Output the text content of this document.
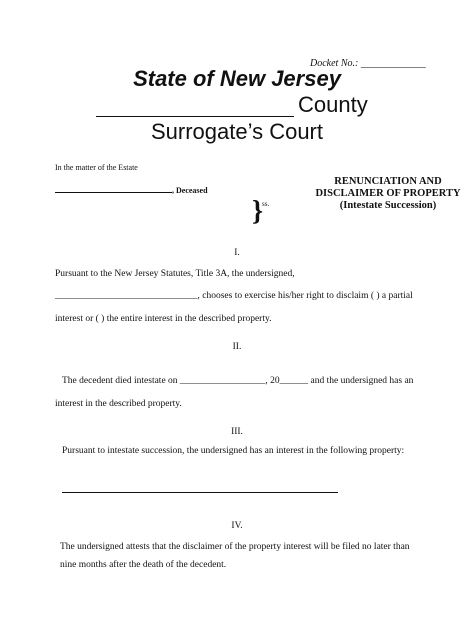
Docket No.: _____________
State of New Jersey
County
Surrogate’s Court
In the matter of the Estate
, Deceased
}
ss.
RENUNCIATION AND
DISCLAIMER OF PROPERTY
(Intestate Succession)
I.
Pursuant to the New Jersey Statutes, Title 3A, the undersigned,
______________________________, chooses to exercise his/her right to disclaim ( ) a partial
interest or ( ) the entire interest in the described property.
II.
The decedent died intestate on __________________, 20______ and the undersigned has an
interest in the described property.
III.
Pursuant to intestate succession, the undersigned has an interest in the following property:
IV.
The undersigned attests that the disclaimer of the property interest will be filed no later than
nine months after the death of the decedent.
